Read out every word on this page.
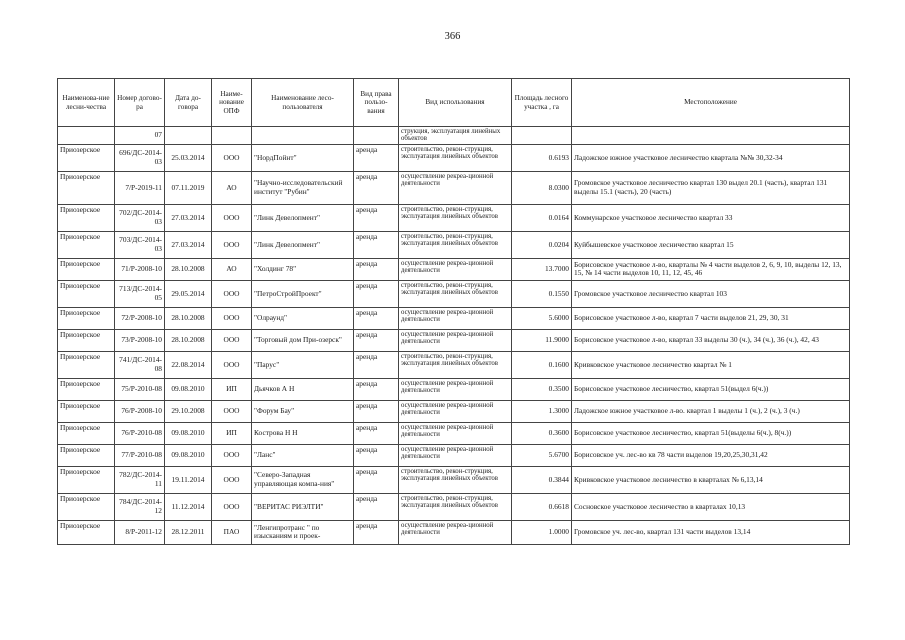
366
Наименова-ние лесни-чества	Номер догово-ра	Дата до-говора	Наиме-нование ОПФ	Наименование лесо-пользователя	Вид права пользо-вания	Вид использования	Площадь лесного участка , га	Местоположение
	07					струкция, эксплуатация линейных объектов		
Приозерское	696/ДС-2014-03	25.03.2014	ООО	"НордПойнт"	аренда	строительство, рекон-струкция, эксплуатация линейных объектов	0.6193	Ладожское южное участковое лесничество квартала №№ 30,32-34
Приозерское	7/Р-2019-11	07.11.2019	АО	"Научно-исследовательский институт "Рубин"	аренда	осуществление рекреа-ционной деятельности	8.0300	Громовское участковое лесничество квартал 130 выдел 20.1 (часть), квартал 131 выделы 15.1 (часть), 20 (часть)
Приозерское	702/ДС-2014-03	27.03.2014	ООО	"Линк Девелопмент"	аренда	строительство, рекон-струкция, эксплуатация линейных объектов	0.0164	Коммунарское участковое лесничество квартал 33
Приозерское	703/ДС-2014-03	27.03.2014	ООО	"Линк Девелопмент"	аренда	строительство, рекон-струкция, эксплуатация линейных объектов	0.0204	Куйбышевское участковое лесничество квартал 15
Приозерское	71/Р-2008-10	28.10.2008	АО	"Холдинг 78"	аренда	осуществление рекреа-ционной деятельности	13.7000	Борисовское участковое л-во, кварталы № 4 части выделов 2, 6, 9, 10, выделы 12, 13, 15, № 14 части выделов 10, 11, 12, 45, 46
Приозерское	713/ДС-2014-05	29.05.2014	ООО	"ПетроСтройПроект"	аренда	строительство, рекон-струкция, эксплуатация линейных объектов	0.1550	Громовское участковое лесничество квартал 103
Приозерское	72/Р-2008-10	28.10.2008	ООО	"Олраунд"	аренда	осуществление рекреа-ционной деятельности	5.6000	Борисовское участковое л-во, квартал 7 части выделов 21, 29, 30, 31
Приозерское	73/Р-2008-10	28.10.2008	ООО	"Торговый дом При-озерск"	аренда	осуществление рекреа-ционной деятельности	11.9000	Борисовское участковое л-во, квартал 33 выделы 30 (ч.), 34 (ч.), 36 (ч.), 42, 43
Приозерское	741/ДС-2014-08	22.08.2014	ООО	"Парус"	аренда	строительство, рекон-струкция, эксплуатация линейных объектов	0.1600	Кривковское участковое лесничество квартал № 1
Приозерское	75/Р-2010-08	09.08.2010	ИП	Дьячков А Н	аренда	осуществление рекреа-ционной деятельности	0.3500	Борисовское участковое лесничество, квартал 51(выдел 6(ч.))
Приозерское	76/Р-2008-10	29.10.2008	ООО	"Форум Бау"	аренда	осуществление рекреа-ционной деятельности	1.3000	Ладожское южное участковое л-во. квартал 1 выделы 1 (ч.), 2 (ч.), 3 (ч.)
Приозерское	76/Р-2010-08	09.08.2010	ИП	Кострова Н Н	аренда	осуществление рекреа-ционной деятельности	0.3600	Борисовское участковое лесничество, квартал 51(выделы 6(ч.), 8(ч.))
Приозерское	77/Р-2010-08	09.08.2010	ООО	"Ланс"	аренда	осуществление рекреа-ционной деятельности	5.6700	Борисовское уч. лес-во кв 78 части выделов 19,20,25,30,31,42
Приозерское	782/ДС-2014-11	19.11.2014	ООО	"Северо-Западная управляющая компа-ния"	аренда	строительство, рекон-струкция, эксплуатация линейных объектов	0.3844	Кривковское участковое лесничество в кварталах № 6,13,14
Приозерское	784/ДС-2014-12	11.12.2014	ООО	"ВЕРИТАС РИЭЛТИ"	аренда	строительство, рекон-струкция, эксплуатация линейных объектов	0.6618	Сосновское участковое лесничество в кварталах 10,13
Приозерское	8/Р-2011-12	28.12.2011	ПАО	"Ленгипротранс " по изысканиям и проек-	аренда	осуществление рекреа-ционной деятельности	1.0000	Громовское уч. лес-во, квартал 131 части выделов 13,14
